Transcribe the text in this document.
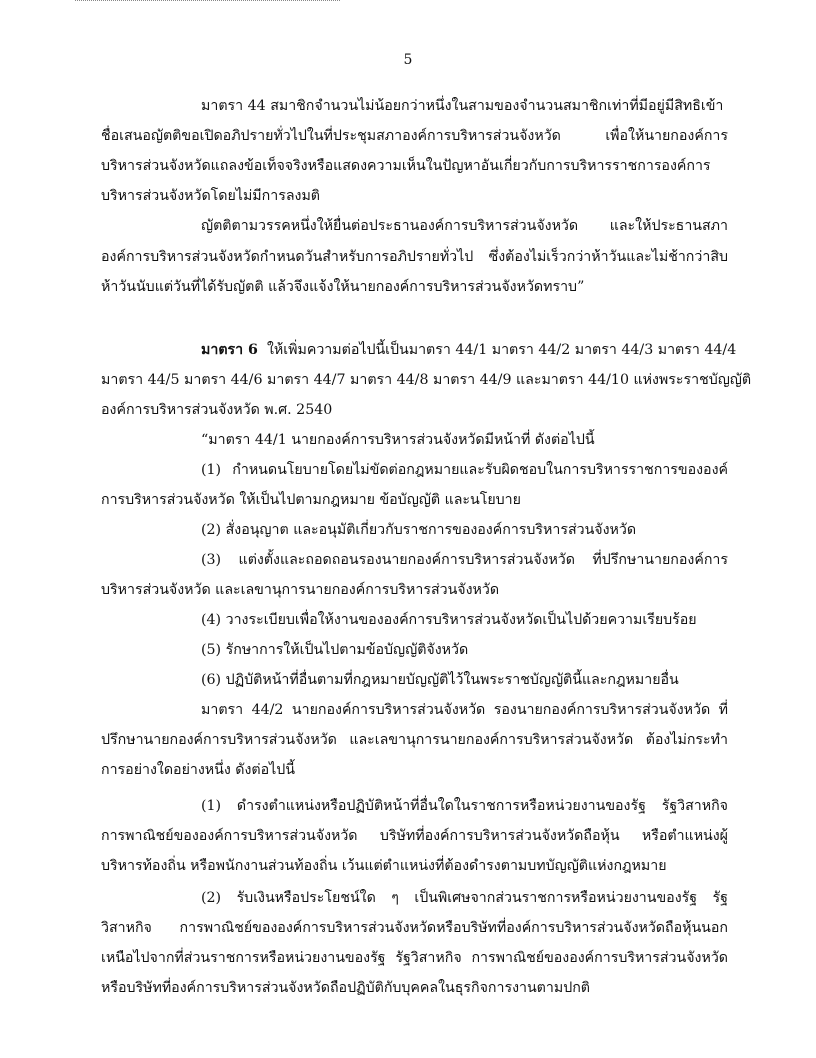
5
มาตรา 44 สมาชิกจำนวนไม่น้อยกว่าหนึ่งในสามของจำนวนสมาชิกเท่าที่มีอยู่มีสิทธิเข้า
ชื่อเสนอญัตติขอเปิดอภิปรายทั่วไปในที่ประชุมสภาองค์การบริหารส่วนจังหวัด เพื่อให้นายกองค์การ
บริหารส่วนจังหวัดแถลงข้อเท็จจริงหรือแสดงความเห็นในปัญหาอันเกี่ยวกับการบริหารราชการองค์การ
บริหารส่วนจังหวัดโดยไม่มีการลงมติ
ญัตติตามวรรคหนึ่งให้ยื่นต่อประธานองค์การบริหารส่วนจังหวัด และให้ประธานสภา
องค์การบริหารส่วนจังหวัดกำหนดวันสำหรับการอภิปรายทั่วไป ซึ่งต้องไม่เร็วกว่าห้าวันและไม่ช้ากว่าสิบ
ห้าวันนับแต่วันที่ได้รับญัตติ แล้วจึงแจ้งให้นายกองค์การบริหารส่วนจังหวัดทราบ”
มาตรา 6 ให้เพิ่มความต่อไปนี้เป็นมาตรา 44/1 มาตรา 44/2 มาตรา 44/3 มาตรา 44/4
มาตรา 44/5 มาตรา 44/6 มาตรา 44/7 มาตรา 44/8 มาตรา 44/9 และมาตรา 44/10 แห่งพระราชบัญญัติ
องค์การบริหารส่วนจังหวัด พ.ศ. 2540
“มาตรา 44/1 นายกองค์การบริหารส่วนจังหวัดมีหน้าที่ ดังต่อไปนี้
(1) กำหนดนโยบายโดยไม่ขัดต่อกฎหมายและรับผิดชอบในการบริหารราชการขององค์
การบริหารส่วนจังหวัด ให้เป็นไปตามกฎหมาย ข้อบัญญัติ และนโยบาย
(2) สั่งอนุญาต และอนุมัติเกี่ยวกับราชการขององค์การบริหารส่วนจังหวัด
(3) แต่งตั้งและถอดถอนรองนายกองค์การบริหารส่วนจังหวัด ที่ปรึกษานายกองค์การ
บริหารส่วนจังหวัด และเลขานุการนายกองค์การบริหารส่วนจังหวัด
(4) วางระเบียบเพื่อให้งานขององค์การบริหารส่วนจังหวัดเป็นไปด้วยความเรียบร้อย
(5) รักษาการให้เป็นไปตามข้อบัญญัติจังหวัด
(6) ปฏิบัติหน้าที่อื่นตามที่กฎหมายบัญญัติไว้ในพระราชบัญญัตินี้และกฎหมายอื่น
มาตรา 44/2 นายกองค์การบริหารส่วนจังหวัด รองนายกองค์การบริหารส่วนจังหวัด ที่
ปรึกษานายกองค์การบริหารส่วนจังหวัด และเลขานุการนายกองค์การบริหารส่วนจังหวัด ต้องไม่กระทำ
การอย่างใดอย่างหนึ่ง ดังต่อไปนี้
(1) ดำรงตำแหน่งหรือปฏิบัติหน้าที่อื่นใดในราชการหรือหน่วยงานของรัฐ รัฐวิสาหกิจ
การพาณิชย์ขององค์การบริหารส่วนจังหวัด บริษัทที่องค์การบริหารส่วนจังหวัดถือหุ้น หรือตำแหน่งผู้
บริหารท้องถิ่น หรือพนักงานส่วนท้องถิ่น เว้นแต่ตำแหน่งที่ต้องดำรงตามบทบัญญัติแห่งกฎหมาย
(2) รับเงินหรือประโยชน์ใด ๆ เป็นพิเศษจากส่วนราชการหรือหน่วยงานของรัฐ รัฐ
วิสาหกิจ การพาณิชย์ขององค์การบริหารส่วนจังหวัดหรือบริษัทที่องค์การบริหารส่วนจังหวัดถือหุ้นนอก
เหนือไปจากที่ส่วนราชการหรือหน่วยงานของรัฐ รัฐวิสาหกิจ การพาณิชย์ขององค์การบริหารส่วนจังหวัด
หรือบริษัทที่องค์การบริหารส่วนจังหวัดถือปฏิบัติกับบุคคลในธุรกิจการงานตามปกติ
